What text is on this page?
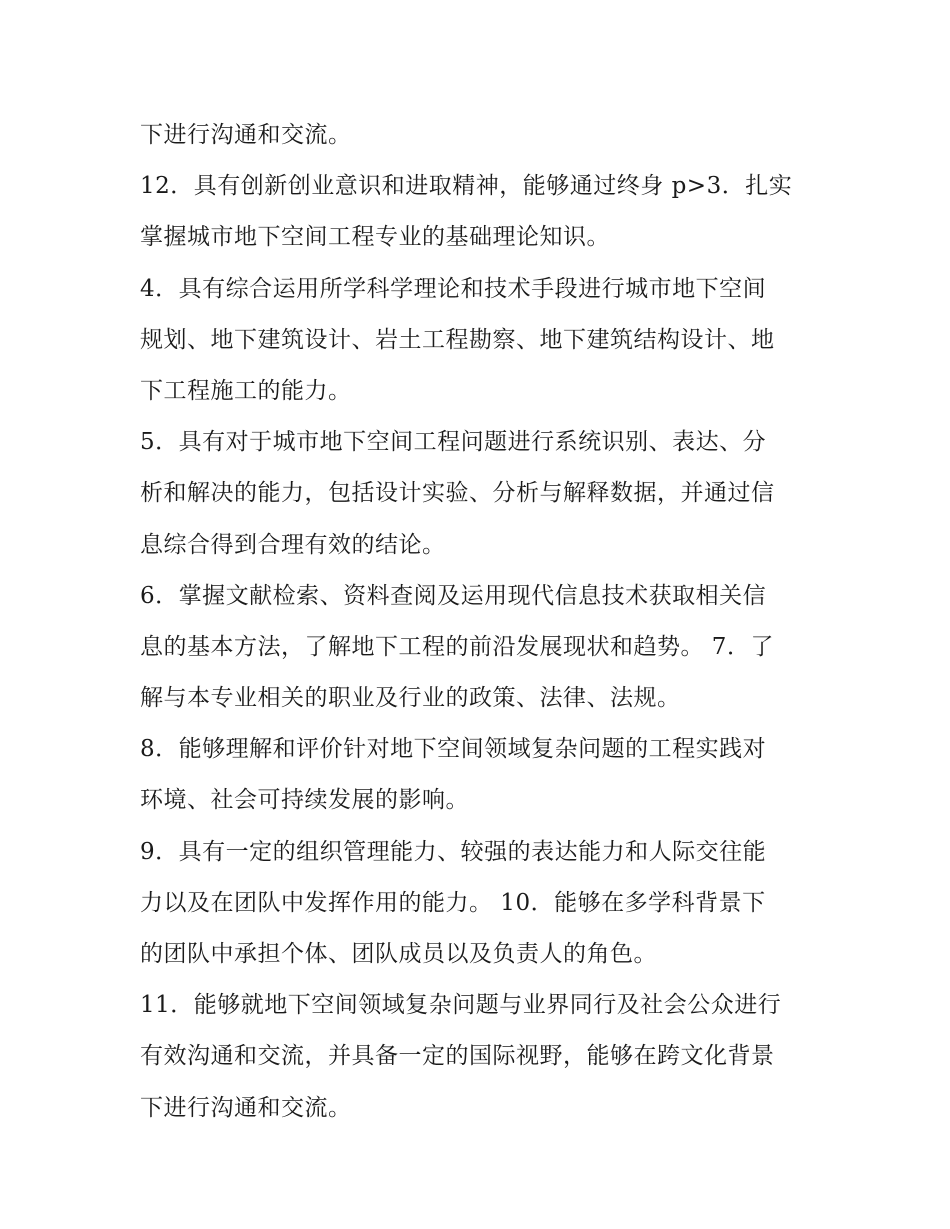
下进行沟通和交流。
12．具有创新创业意识和进取精神，能够通过终身 p>3．扎实
掌握城市地下空间工程专业的基础理论知识。
4．具有综合运用所学科学理论和技术手段进行城市地下空间
规划、地下建筑设计、岩土工程勘察、地下建筑结构设计、地
下工程施工的能力。
5．具有对于城市地下空间工程问题进行系统识别、表达、分
析和解决的能力，包括设计实验、分析与解释数据，并通过信
息综合得到合理有效的结论。
6．掌握文献检索、资料查阅及运用现代信息技术获取相关信
息的基本方法，了解地下工程的前沿发展现状和趋势。 7．了
解与本专业相关的职业及行业的政策、法律、法规。
8．能够理解和评价针对地下空间领域复杂问题的工程实践对
环境、社会可持续发展的影响。
9．具有一定的组织管理能力、较强的表达能力和人际交往能
力以及在团队中发挥作用的能力。 10．能够在多学科背景下
的团队中承担个体、团队成员以及负责人的角色。
11．能够就地下空间领域复杂问题与业界同行及社会公众进行
有效沟通和交流，并具备一定的国际视野，能够在跨文化背景
下进行沟通和交流。
